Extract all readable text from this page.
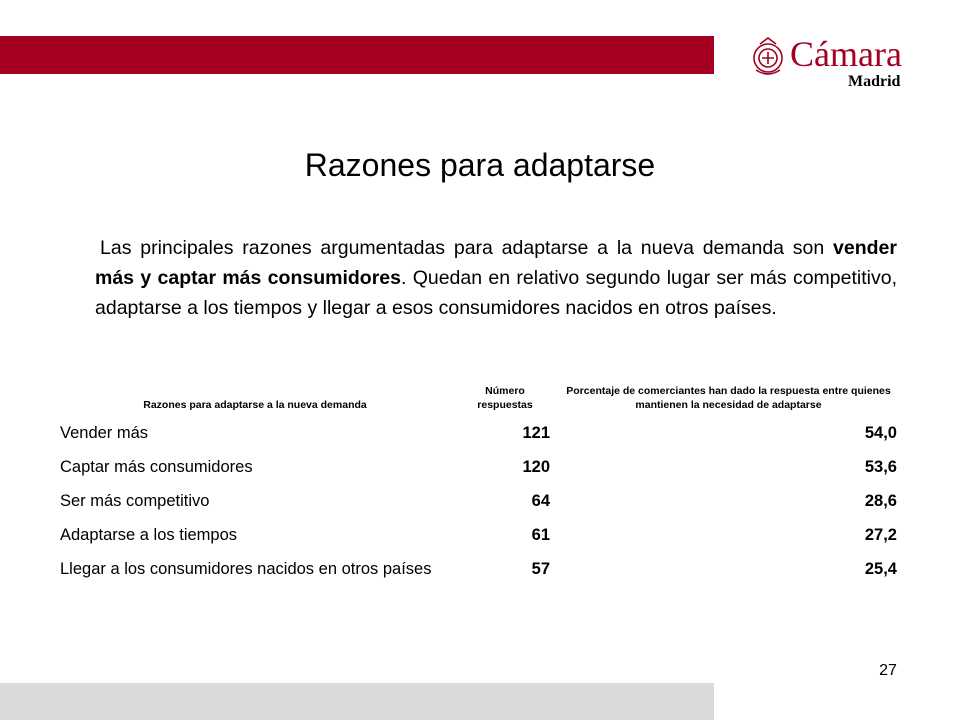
Cámara
Madrid
Razones para adaptarse

Las principales razones argumentadas para adaptarse a la nueva demanda son vender más y captar más consumidores. Quedan en relativo segundo lugar ser más competitivo, adaptarse a los tiempos y llegar a esos consumidores nacidos en otros países.

Razones para adaptarse a la nueva demanda	Número respuestas	Porcentaje de comerciantes han dado la respuesta entre quienes mantienen la necesidad de adaptarse
Vender más	121	54,0
Captar más consumidores	120	53,6
Ser más competitivo	64	28,6
Adaptarse a los tiempos	61	27,2
Llegar a los consumidores nacidos en otros países	57	25,4
27
